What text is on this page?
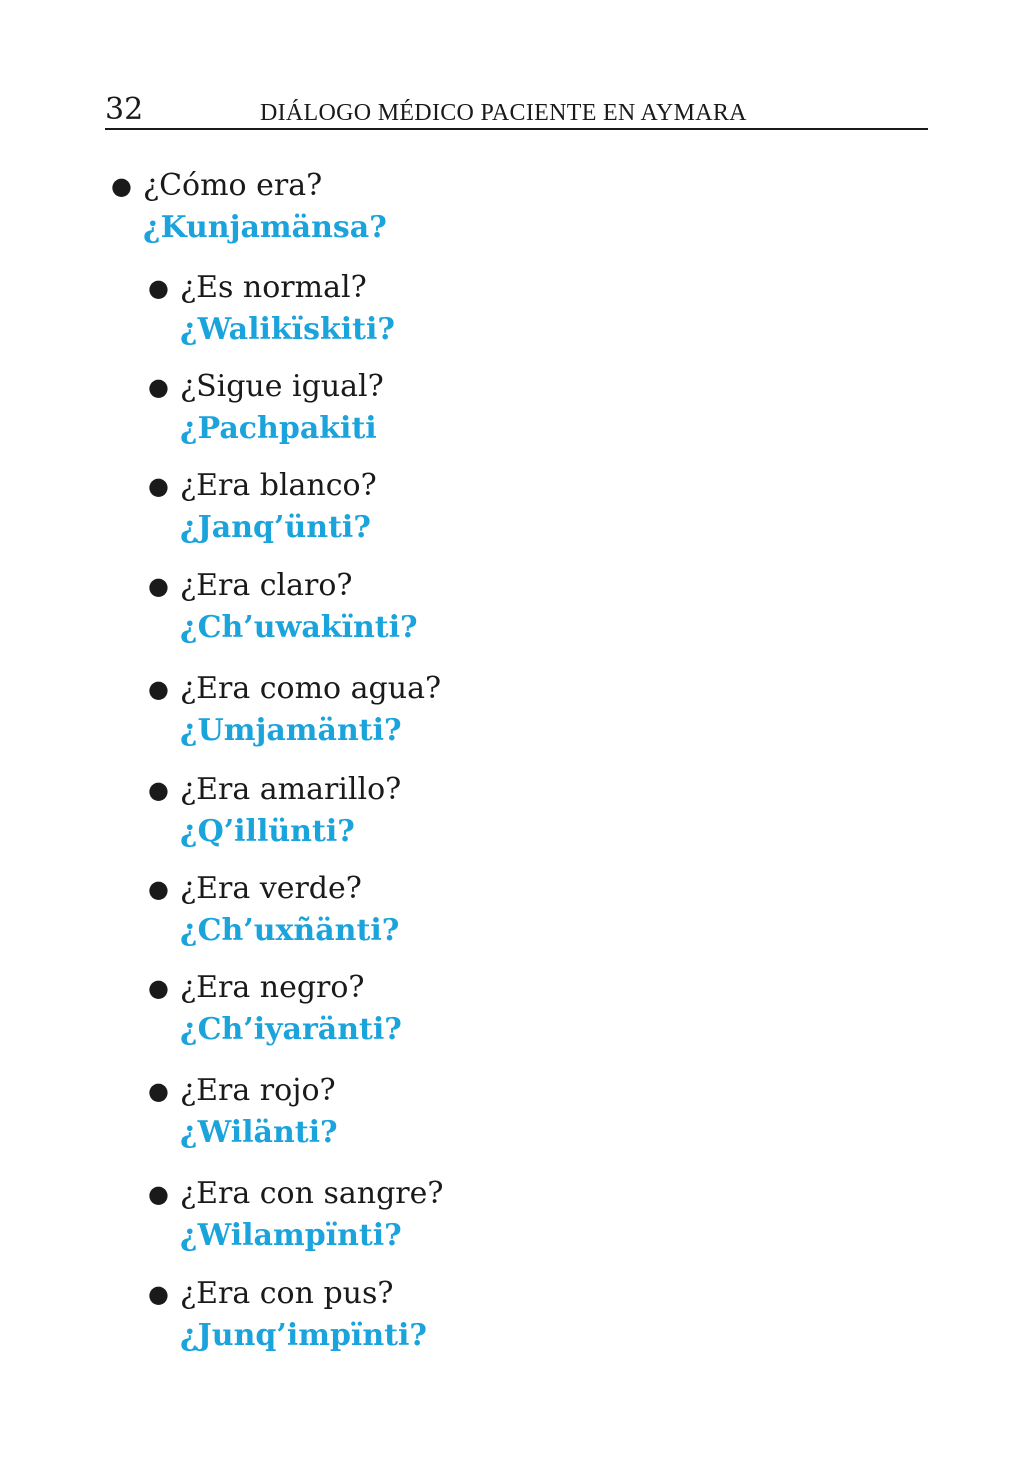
32	DIÁLOGO MÉDICO PACIENTE EN AYMARA
● ¿Cómo era?
¿Kunjamänsa?
● ¿Es normal?
¿Walikïskiti?
● ¿Sigue igual?
¿Pachpakiti
● ¿Era blanco?
¿Janq’ünti?
● ¿Era claro?
¿Ch’uwakïnti?
● ¿Era como agua?
¿Umjamänti?
● ¿Era amarillo?
¿Q’illünti?
● ¿Era verde?
¿Ch’uxñänti?
● ¿Era negro?
¿Ch’iyaränti?
● ¿Era rojo?
¿Wilänti?
● ¿Era con sangre?
¿Wilampïnti?
● ¿Era con pus?
¿Junq’impïnti?
